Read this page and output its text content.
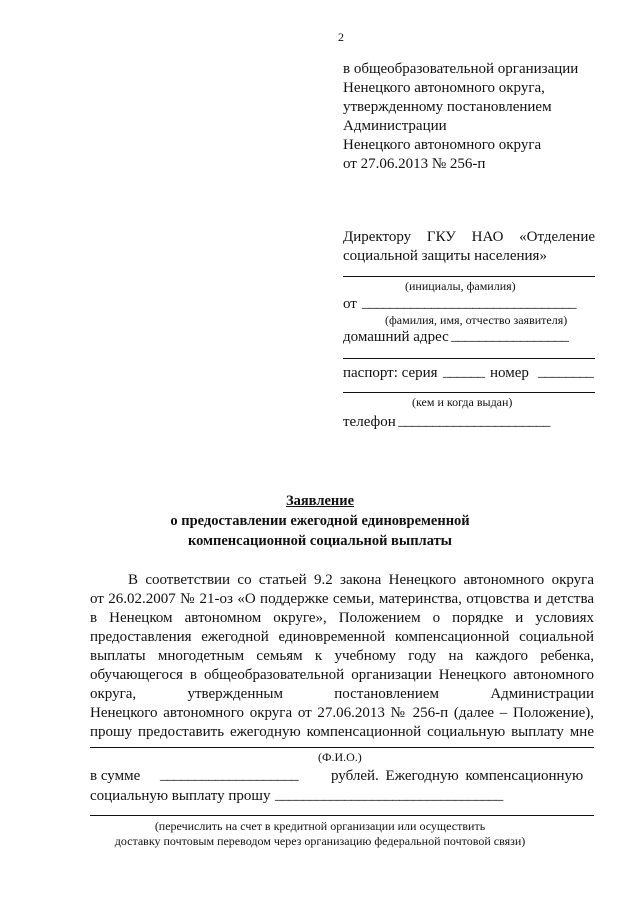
2
в общеобразовательной организации
Ненецкого автономного округа,
утвержденному постановлением
Администрации
Ненецкого автономного округа
от 27.06.2013 № 256-п
Директору ГКУ НАО «Отделение
социальной защиты населения»
(инициалы, фамилия)
от _______________________________
(фамилия, имя, отчество заявителя)
домашний адрес _________________
паспорт: серия ______ номер ________
(кем и когда выдан)
телефон ______________________
Заявление
о предоставлении ежегодной единовременной
компенсационной социальной выплаты
В соответствии со статьей 9.2 закона Ненецкого автономного округа
от 26.02.2007 № 21-оз «О поддержке семьи, материнства, отцовства и детства
в Ненецком автономном округе», Положением о порядке и условиях
предоставления ежегодной единовременной компенсационной социальной
выплаты многодетным семьям к учебному году на каждого ребенка,
обучающегося в общеобразовательной организации Ненецкого автономного
округа, утвержденным постановлением Администрации
Ненецкого автономного округа от 27.06.2013 № 256-п (далее – Положение),
прошу предоставить ежегодную компенсационной социальную выплату мне
(Ф.И.О.)
в сумме ____________________ рублей. Ежегодную компенсационную
социальную выплату прошу _________________________________
(перечислить на счет в кредитной организации или осуществить
доставку почтовым переводом через организацию федеральной почтовой связи)
